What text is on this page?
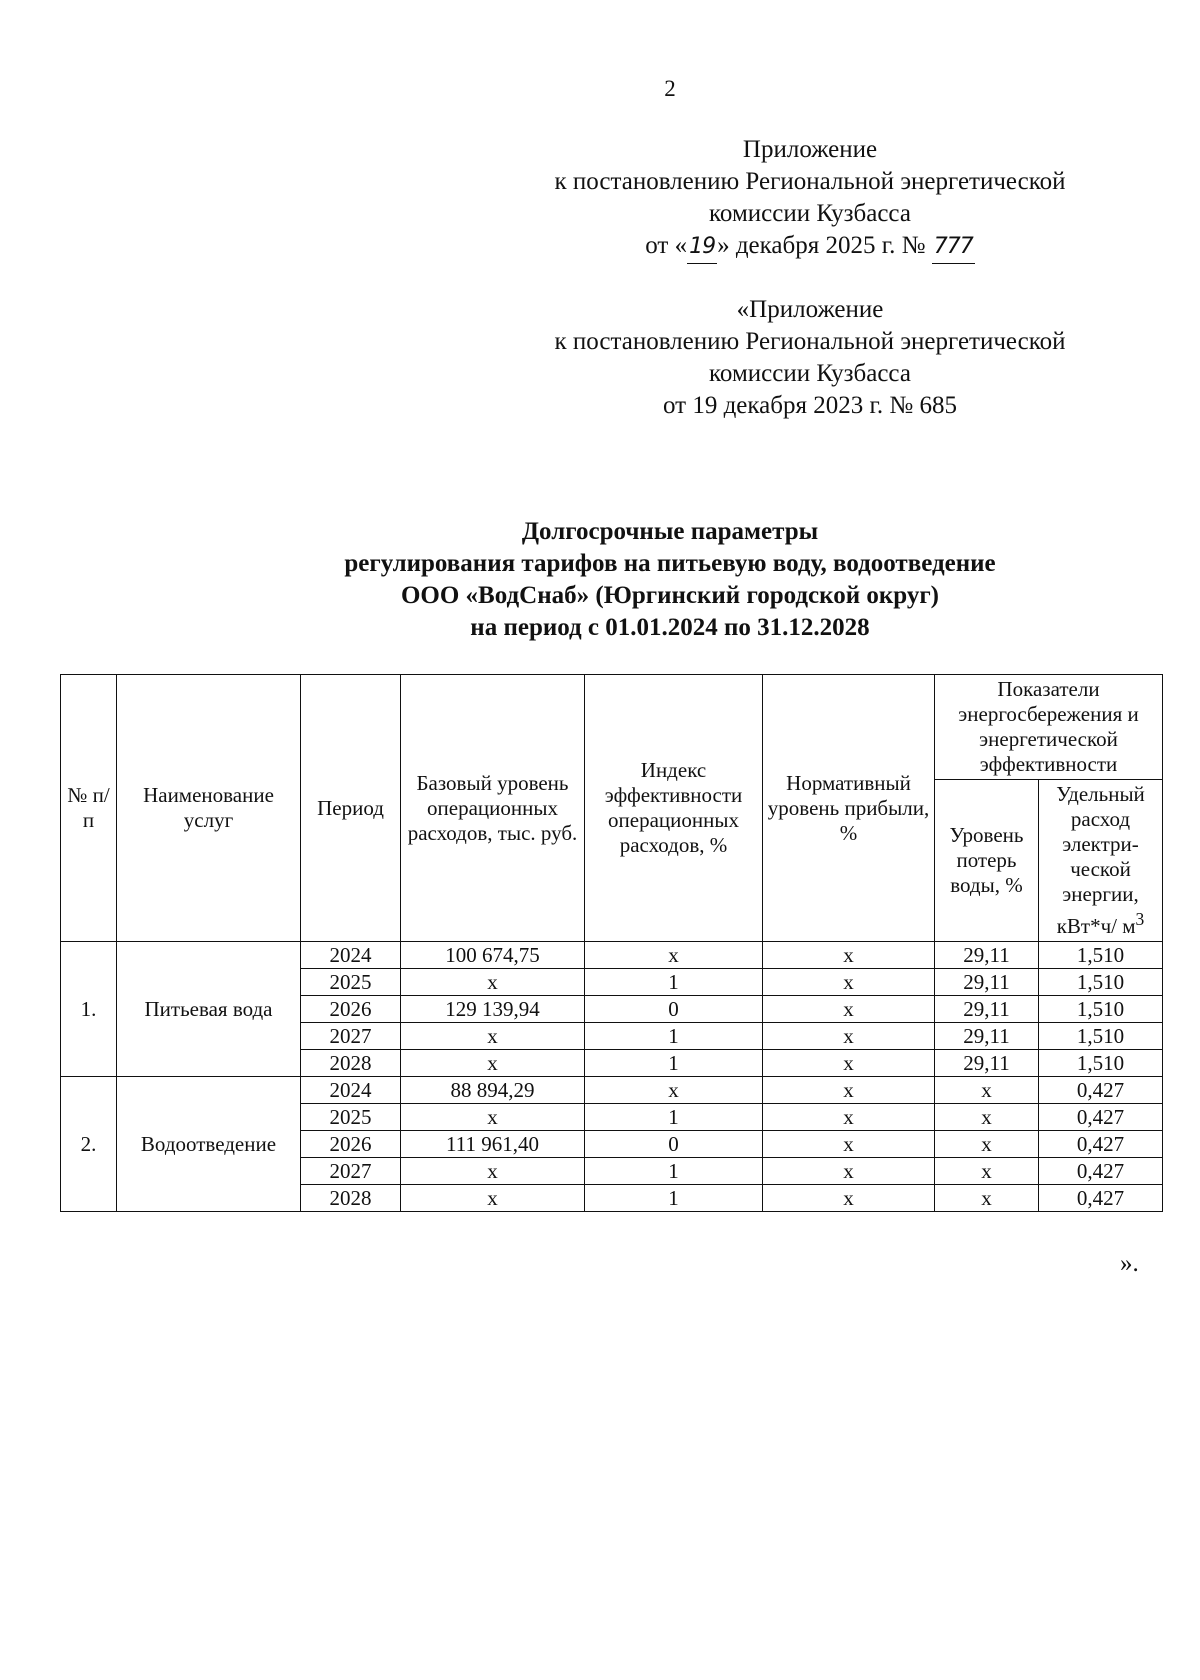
2
Приложение
к постановлению Региональной энергетической
комиссии Кузбасса
от «19» декабря 2025 г. № 777
«Приложение
к постановлению Региональной энергетической
комиссии Кузбасса
от 19 декабря 2023 г. № 685
Долгосрочные параметры
регулирования тарифов на питьевую воду, водоотведение
ООО «ВодСнаб» (Юргинский городской округ)
на период с 01.01.2024 по 31.12.2028
№ п/п	Наименование услуг	Период	Базовый уровень операционных расходов, тыс. руб.	Индекс эффективности операционных расходов, %	Нормативный уровень прибыли, %	Показатели энергосбережения и энергетической эффективности	
						Уровень потерь воды, %	Удельный расход электри-ческой энергии, кВт*ч/ $м^3$
1.	Питьевая вода	2024	100 674,75	х	х	29,11	1,510
		2025	х	1	х	29,11	1,510
		2026	129 139,94	0	х	29,11	1,510
		2027	х	1	х	29,11	1,510
		2028	х	1	х	29,11	1,510
2.	Водоотведение	2024	88 894,29	х	х	х	0,427
		2025	х	1	х	х	0,427
		2026	111 961,40	0	х	х	0,427
		2027	х	1	х	х	0,427
		2028	х	1	х	х	0,427
».
